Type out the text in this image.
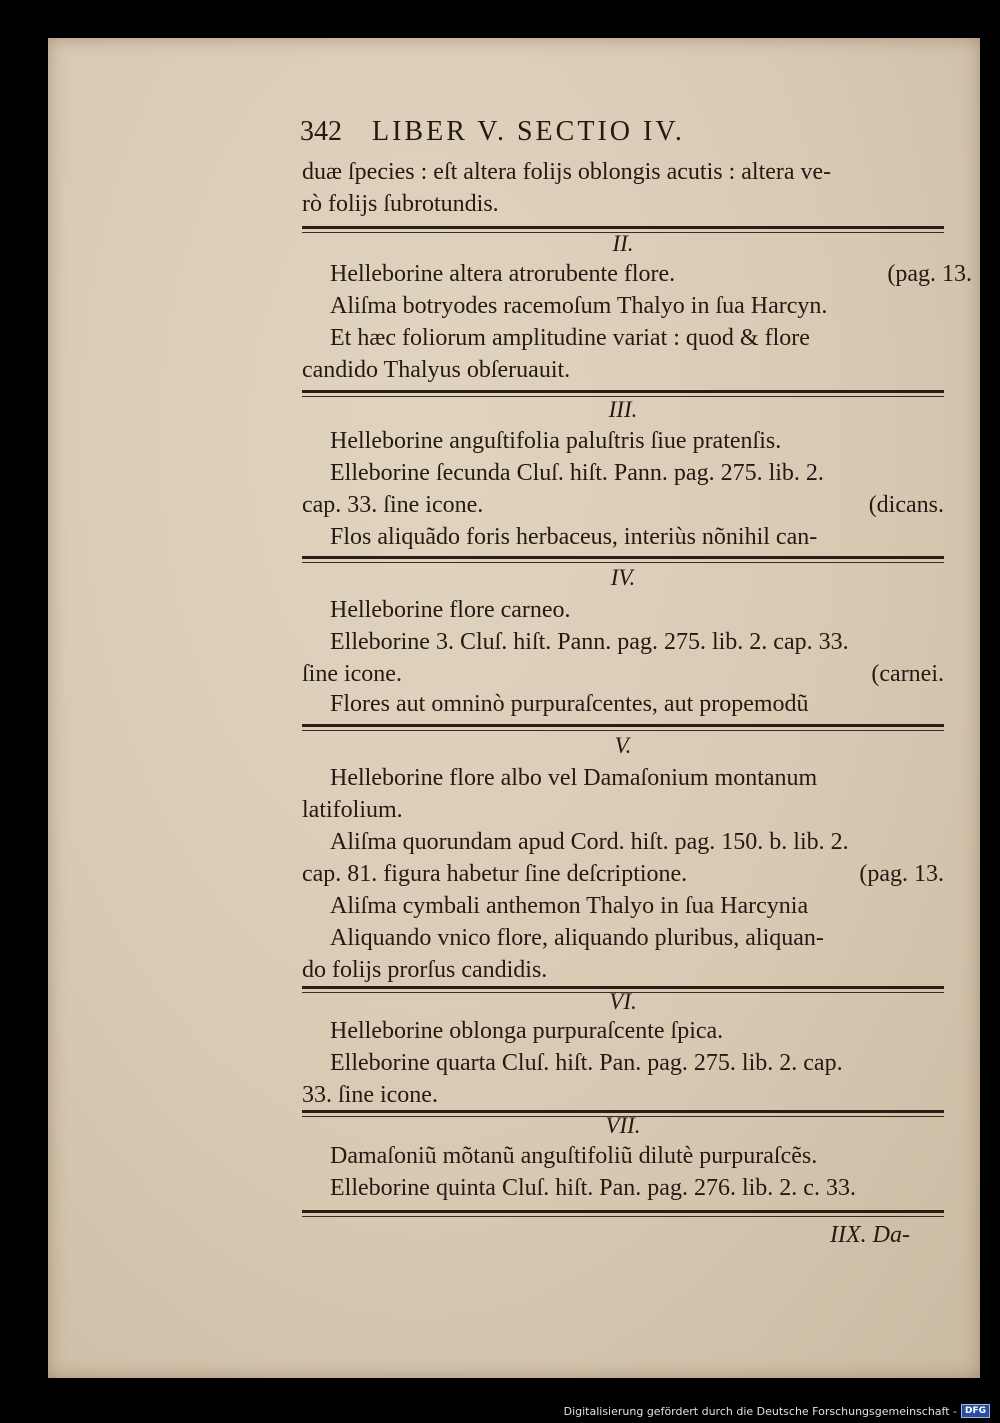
342 LIBER V. SECTIO IV.
duæ ſpecies : eſt altera folijs oblongis acutis : altera ve-
rò folijs ſubrotundis.
II.
Helleborine altera atrorubente flore.	(pag. 13.
Aliſma botryodes racemoſum Thalyo in ſua Harcyn.
Et hæc foliorum amplitudine variat : quod & flore
candido Thalyus obſeruauit.
III.
Helleborine anguſtifolia paluſtris ſiue pratenſis.
Elleborine ſecunda Cluſ. hiſt. Pann. pag. 275. lib. 2.
cap. 33. ſine icone.	(dicans.
Flos aliquãdo foris herbaceus, interiùs nõnihil can-
IV.
Helleborine flore carneo.
Elleborine 3. Cluſ. hiſt. Pann. pag. 275. lib. 2. cap. 33.
ſine icone.	(carnei.
Flores aut omninò purpuraſcentes, aut propemodũ
V.
Helleborine flore albo vel Damaſonium montanum
latifolium.
Aliſma quorundam apud Cord. hiſt. pag. 150. b. lib. 2.
cap. 81. figura habetur ſine deſcriptione.	(pag. 13.
Aliſma cymbali anthemon Thalyo in ſua Harcynia
Aliquando vnico flore, aliquando pluribus, aliquan-
do folijs prorſus candidis.
VI.
Helleborine oblonga purpuraſcente ſpica.
Elleborine quarta Cluſ. hiſt. Pan. pag. 275. lib. 2. cap.
33. ſine icone.
VII.
Damaſoniũ mõtanũ anguſtifoliũ dilutè purpuraſcẽs.
Elleborine quinta Cluſ. hiſt. Pan. pag. 276. lib. 2. c. 33.
IIX. Da-
Digitalisierung gefördert durch die Deutsche Forschungsgemeinschaft - DFG
